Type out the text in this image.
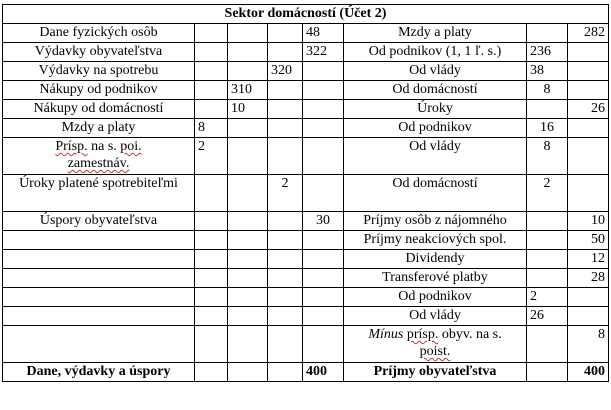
Sektor domácností (Účet 2)							
Dane fyzických osôb				48	Mzdy a platy		282
Výdavky obyvateľstva				322	Od podnikov (1, 1 ľ. s.)	236	
Výdavky na spotrebu			320		Od vlády	38	
Nákupy od podnikov		310			Od domácností	8	
Nákupy od domácností		10			Úroky		26
Mzdy a platy	8				Od podnikov	16	
Prísp. na s. poi.
zamestnáv.	2				Od vlády	8	
Úroky platené spotrebiteľmi			2		Od domácností	2	
Úspory obyvateľstva				30	Príjmy osôb z nájomného		10
					Príjmy neakciových spol.		50
					Dividendy		12
					Transferové platby		28
					Od podnikov	2	
					Od vlády	26	
					Mínus prísp. obyv. na s.
poist.		8
Dane, výdavky a úspory				400	Príjmy obyvateľstva		400
